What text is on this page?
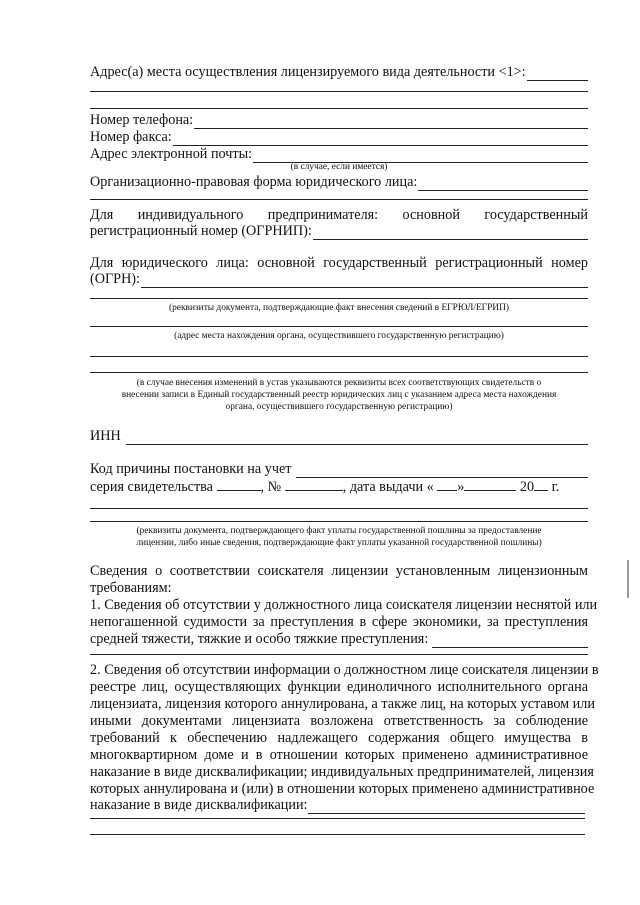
Адрес(а) места осуществления лицензируемого вида деятельности <1>:
Номер телефона:
Номер факса:
Адрес электронной почты:
(в случае, если имеется)
Организационно-правовая форма юридического лица:
Для индивидуального предпринимателя: основной государственный
регистрационный номер (ОГРНИП):
Для юридического лица: основной государственный регистрационный номер
(ОГРН):
(реквизиты документа, подтверждающие факт внесения сведений в ЕГРЮЛ/ЕГРИП)
(адрес места нахождения органа, осуществившего государственную регистрацию)
(в случае внесения изменений в устав указываются реквизиты всех соответствующих свидетельств о
внесении записи в Единый государственный реестр юридических лиц с указанием адреса места нахождения
органа, осуществившего государственную регистрацию)
ИНН
Код причины постановки на учет
серия свидетельства	, №	, дата выдачи « »	20 г.
(реквизиты документа, подтверждающего факт уплаты государственной пошлины за предоставление
лицензии, либо иные сведения, подтверждающие факт уплаты указанной государственной пошлины)
Сведения о соответствии соискателя лицензии установленным лицензионным
требованиям:
1. Сведения об отсутствии у должностного лица соискателя лицензии неснятой или
непогашенной судимости за преступления в сфере экономики, за преступления
средней тяжести, тяжкие и особо тяжкие преступления:
2. Сведения об отсутствии информации о должностном лице соискателя лицензии в
реестре лиц, осуществляющих функции единоличного исполнительного органа
лицензиата, лицензия которого аннулирована, а также лиц, на которых уставом или
иными документами лицензиата возложена ответственность за соблюдение
требований к обеспечению надлежащего содержания общего имущества в
многоквартирном доме и в отношении которых применено административное
наказание в виде дисквалификации; индивидуальных предпринимателей, лицензия
которых аннулирована и (или) в отношении которых применено административное
наказание в виде дисквалификации:
